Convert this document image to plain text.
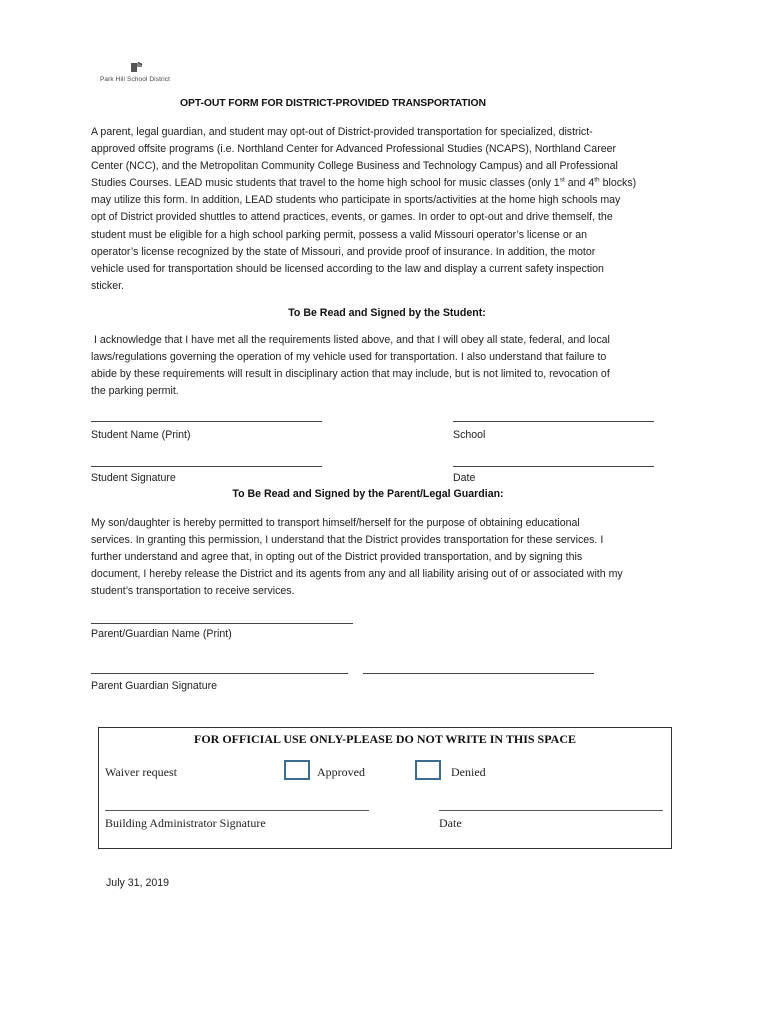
Park Hill School District
OPT-OUT FORM FOR DISTRICT-PROVIDED TRANSPORTATION
A parent, legal guardian, and student may opt-out of District-provided transportation for specialized, district-
approved offsite programs (i.e. Northland Center for Advanced Professional Studies (NCAPS), Northland Career
Center (NCC), and the Metropolitan Community College Business and Technology Campus) and all Professional
Studies Courses. LEAD music students that travel to the home high school for music classes (only 1st and 4th blocks)
may utilize this form. In addition, LEAD students who participate in sports/activities at the home high schools may
opt of District provided shuttles to attend practices, events, or games. In order to opt-out and drive themself, the
student must be eligible for a high school parking permit, possess a valid Missouri operator’s license or an
operator’s license recognized by the state of Missouri, and provide proof of insurance. In addition, the motor
vehicle used for transportation should be licensed according to the law and display a current safety inspection
sticker.
To Be Read and Signed by the Student:
I acknowledge that I have met all the requirements listed above, and that I will obey all state, federal, and local
laws/regulations governing the operation of my vehicle used for transportation. I also understand that failure to
abide by these requirements will result in disciplinary action that may include, but is not limited to, revocation of
the parking permit.
Student Name (Print)	School
Student Signature	Date
To Be Read and Signed by the Parent/Legal Guardian:
My son/daughter is hereby permitted to transport himself/herself for the purpose of obtaining educational
services. In granting this permission, I understand that the District provides transportation for these services. I
further understand and agree that, in opting out of the District provided transportation, and by signing this
document, I hereby release the District and its agents from any and all liability arising out of or associated with my
student’s transportation to receive services.
Parent/Guardian Name (Print)
Parent Guardian Signature
FOR OFFICIAL USE ONLY-PLEASE DO NOT WRITE IN THIS SPACE
Waiver request	Approved	Denied
Building Administrator Signature	Date
July 31, 2019
